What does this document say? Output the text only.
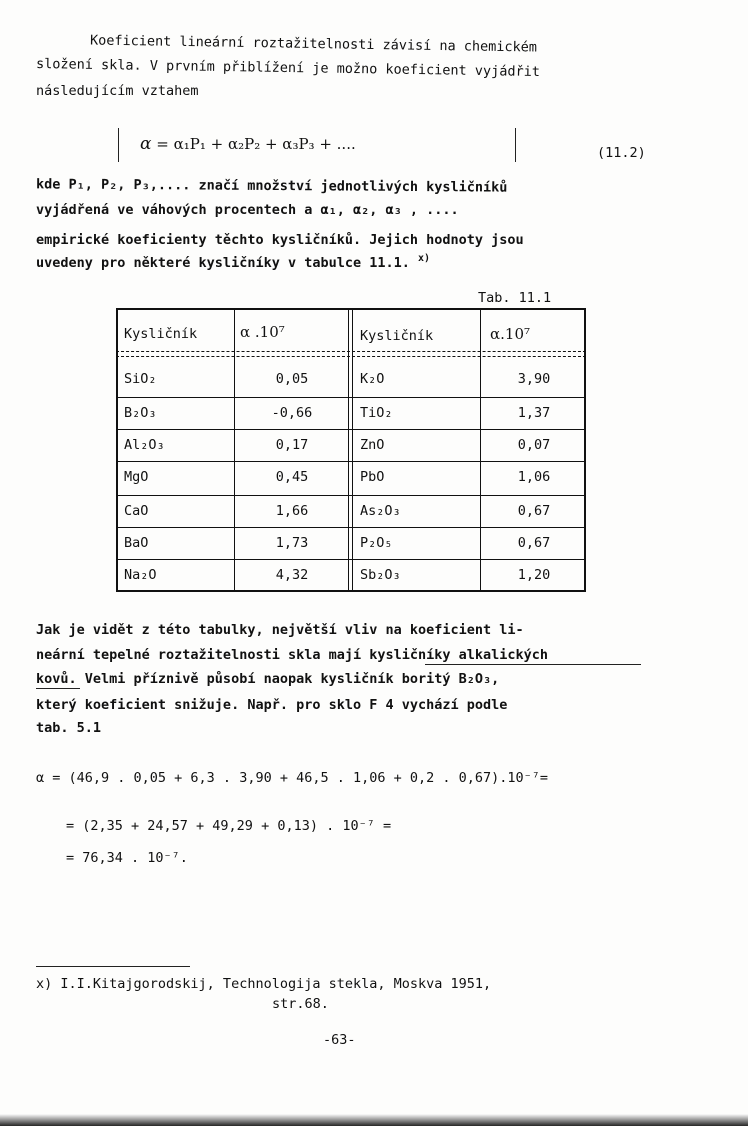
Koeficient lineární roztažitelnosti závisí na chemickém
složení skla. V prvním přiblížení je možno koeficient vyjádřit
následujícím vztahem
α = α₁P₁ + α₂P₂ + α₃P₃ + ....	(11.2)
kde P₁, P₂, P₃,.... značí množství jednotlivých kysličníků
vyjádřená ve váhových procentech a α₁, α₂, α₃ , ....
empirické koeficienty těchto kysličníků. Jejich hodnoty jsou
uvedeny pro některé kysličníky v tabulce 11.1. $^{x)}$
Tab. 11.1
Kysličník	α .10⁷	Kysličník	α.10⁷
SiO₂	0,05	K₂O	3,90
B₂O₃	-0,66	TiO₂	1,37
Al₂O₃	0,17	ZnO	0,07
MgO	0,45	PbO	1,06
CaO	1,66	As₂O₃	0,67
BaO	1,73	P₂O₅	0,67
Na₂O	4,32	Sb₂O₃	1,20
Jak je vidět z této tabulky, největší vliv na koeficient li-
neární tepelné roztažitelnosti skla mají kysličníky alkalických
kovů. Velmi příznivě působí naopak kysličník boritý B₂O₃,
který koeficient snižuje. Např. pro sklo F 4 vychází podle
tab. 5.1
α = (46,9 . 0,05 + 6,3 . 3,90 + 46,5 . 1,06 + 0,2 . 0,67).10⁻⁷=
= (2,35 + 24,57 + 49,29 + 0,13) . 10⁻⁷ =
= 76,34 . 10⁻⁷.
x) I.I.Kitajgorodskij, Technologija stekla, Moskva 1951,
str.68.
-63-
